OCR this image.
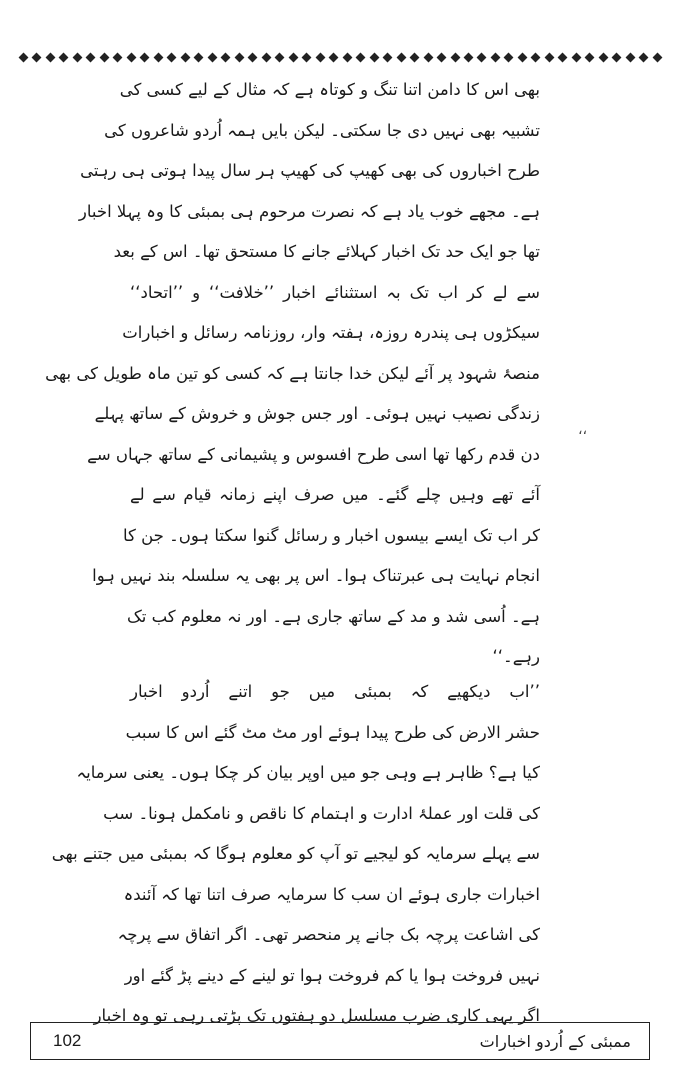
بھی اس کا دامن اتنا تنگ و کوتاہ ہے کہ مثال کے لیے کسی کی
تشبیہ بھی نہیں دی جا سکتی۔ لیکن بایں ہمہ اُردو شاعروں کی
طرح اخباروں کی بھی کھیپ کی کھیپ ہر سال پیدا ہوتی ہی رہتی
ہے۔ مجھے خوب یاد ہے کہ نصرت مرحوم ہی بمبئی کا وہ پہلا اخبار
تھا جو ایک حد تک اخبار کہلائے جانے کا مستحق تھا۔ اس کے بعد
سے لے کر اب تک بہ استثنائے اخبار ’’خلافت‘‘ و ’’اتحاد‘‘
سیکڑوں ہی پندرہ روزہ، ہفتہ وار، روزنامہ رسائل و اخبارات
منصۂ شہود پر آئے لیکن خدا جانتا ہے کہ کسی کو تین ماہ طویل کی بھی
زندگی نصیب نہیں ہوئی۔ اور جس جوش و خروش کے ساتھ پہلے
دن قدم رکھا تھا اسی طرح افسوس و پشیمانی کے ساتھ جہاں سے
آئے تھے وہیں چلے گئے۔ میں صرف اپنے زمانہ قیام سے لے
کر اب تک ایسے بیسوں اخبار و رسائل گنوا سکتا ہوں۔ جن کا
انجام نہایت ہی عبرتناک ہوا۔ اس پر بھی یہ سلسلہ بند نہیں ہوا
ہے۔ اُسی شد و مد کے ساتھ جاری ہے۔ اور نہ معلوم کب تک
رہے۔‘‘
’’اب دیکھیے کہ بمبئی میں جو اتنے اُردو اخبار
حشر الارض کی طرح پیدا ہوئے اور مٹ مٹ گئے اس کا سبب
کیا ہے؟ ظاہر ہے وہی جو میں اوپر بیان کر چکا ہوں۔ یعنی سرمایہ
کی قلت اور عملۂ ادارت و اہتمام کا ناقص و نامکمل ہونا۔ سب
سے پہلے سرمایہ کو لیجیے تو آپ کو معلوم ہوگا کہ بمبئی میں جتنے بھی
اخبارات جاری ہوئے ان سب کا سرمایہ صرف اتنا تھا کہ آئندہ
کی اشاعت پرچہ بک جانے پر منحصر تھی۔ اگر اتفاق سے پرچہ
نہیں فروخت ہوا یا کم فروخت ہوا تو لینے کے دینے پڑ گئے اور
اگر یہی کاری ضرب مسلسل دو ہفتوں تک پڑتی رہی تو وہ اخبار
،،
102	ممبئی کے اُردو اخبارات
